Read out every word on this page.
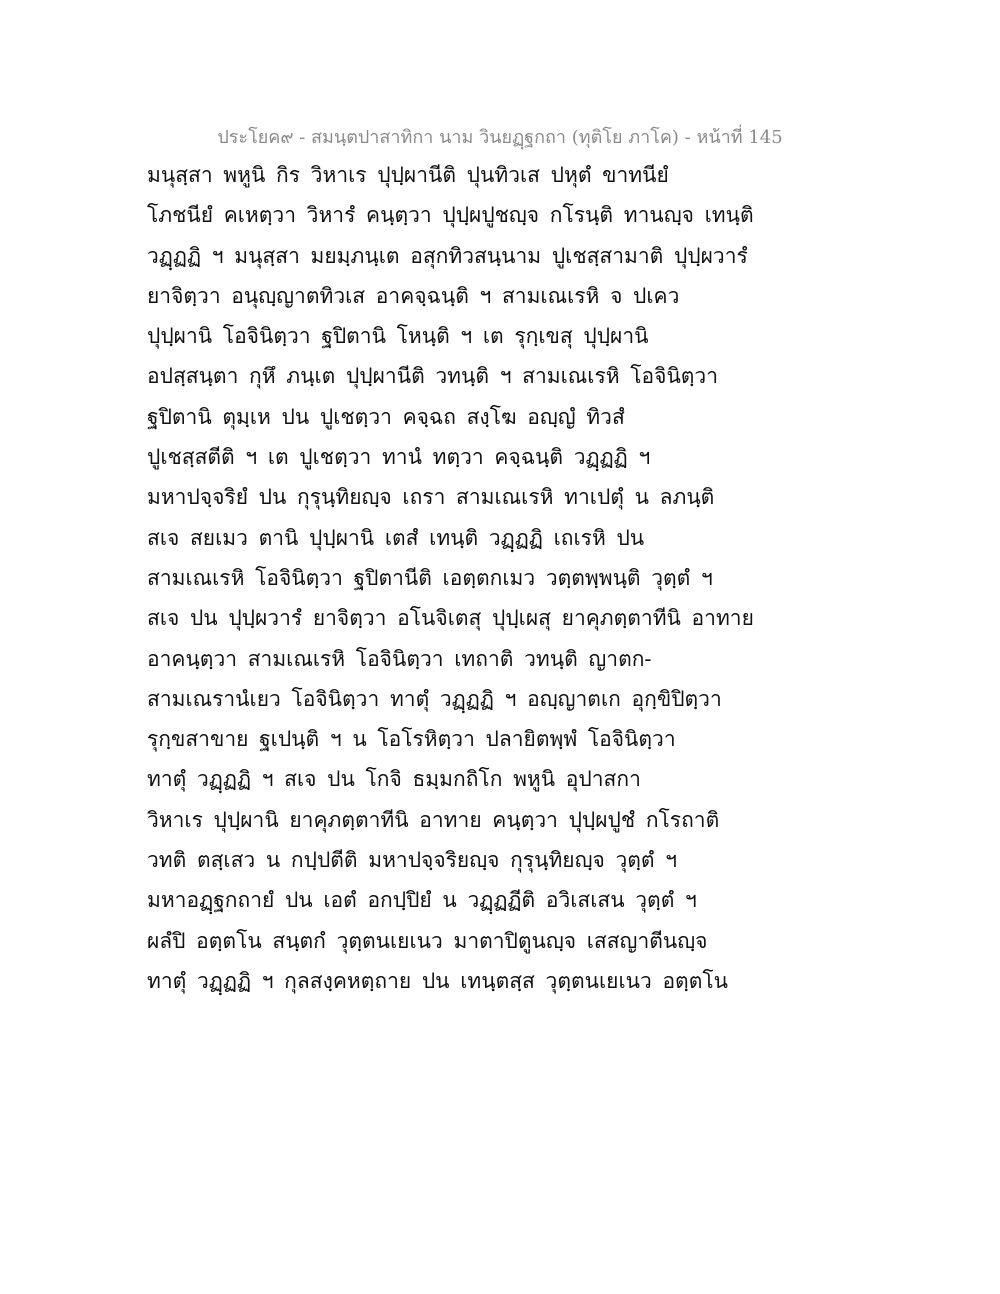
ประโยค๙ - สมนฺตปาสาทิกา นาม วินยฏฺฐกถา (ทุติโย ภาโค) - หน้าที่ 145
มนุสฺสา พหูนิ กิร วิหาเร ปุปฺผานีติ ปุนทิวเส ปหุตํ ขาทนียํ
โภชนียํ คเหตฺวา วิหารํ คนฺตฺวา ปุปฺผปูชญฺจ กโรนฺติ ทานญฺจ เทนฺติ
วฏฺฏฏิ ฯ มนุสฺสา มยมฺภนฺเต อสุกทิวสนฺนาม ปูเชสฺสามาติ ปุปฺผวารํ
ยาจิตฺวา อนุญฺญาตทิวเส อาคจฺฉนฺติ ฯ สามเณเรหิ จ ปเคว
ปุปฺผานิ โอจินิตฺวา ฐปิตานิ โหนฺติ ฯ เต รุกฺเขสุ ปุปฺผานิ
อปสฺสนฺตา กุหึ ภนฺเต ปุปฺผานีติ วทนฺติ ฯ สามเณเรหิ โอจินิตฺวา
ฐปิตานิ ตุมฺเห ปน ปูเชตฺวา คจฺฉถ สงฺโฆ อญฺญํ ทิวสํ
ปูเชสฺสตีติ ฯ เต ปูเชตฺวา ทานํ ทตฺวา คจฺฉนฺติ วฏฺฏฏิ ฯ
มหาปจฺจริยํ ปน กุรุนฺทิยญฺจ เถรา สามเณเรหิ ทาเปตุํ น ลภนฺติ
สเจ สยเมว ตานิ ปุปฺผานิ เตสํ เทนฺติ วฏฺฏฏิ เถเรหิ ปน
สามเณเรหิ โอจินิตฺวา ฐปิตานีติ เอตฺตกเมว วตฺตพฺพนฺติ วุตฺตํ ฯ
สเจ ปน ปุปฺผวารํ ยาจิตฺวา อโนจิเตสุ ปุปฺเผสุ ยาคุภตฺตาทีนิ อาทาย
อาคนฺตฺวา สามเณเรหิ โอจินิตฺวา เทถาติ วทนฺติ ญาตก-
สามเณรานํเยว โอจินิตฺวา ทาตุํ วฏฺฏฏิ ฯ อญฺญาตเก อุกฺขิปิตฺวา
รุกฺขสาขาย ฐเปนฺติ ฯ น โอโรหิตฺวา ปลายิตพฺพํ โอจินิตฺวา
ทาตุํ วฏฺฏฏิ ฯ สเจ ปน โกจิ ธมฺมกถิโก พหูนิ อุปาสกา
วิหาเร ปุปฺผานิ ยาคุภตฺตาทีนิ อาทาย คนฺตฺวา ปุปฺผปูชํ กโรถาติ
วทติ ตสฺเสว น กปฺปตีติ มหาปจฺจริยญฺจ กุรุนฺทิยญฺจ วุตฺตํ ฯ
มหาอฏฺฐกถายํ ปน เอตํ อกปฺปิยํ น วฏฺฏฏีติ อวิเสเสน วุตฺตํ ฯ
ผลํปิ อตฺตโน สนฺตกํ วุตฺตนเยเนว มาตาปิตูนญฺจ เสสญาตีนญฺจ
ทาตุํ วฏฺฏฏิ ฯ กุลสงฺคหตฺถาย ปน เทนฺตสฺส วุตฺตนเยเนว อตฺตโน
